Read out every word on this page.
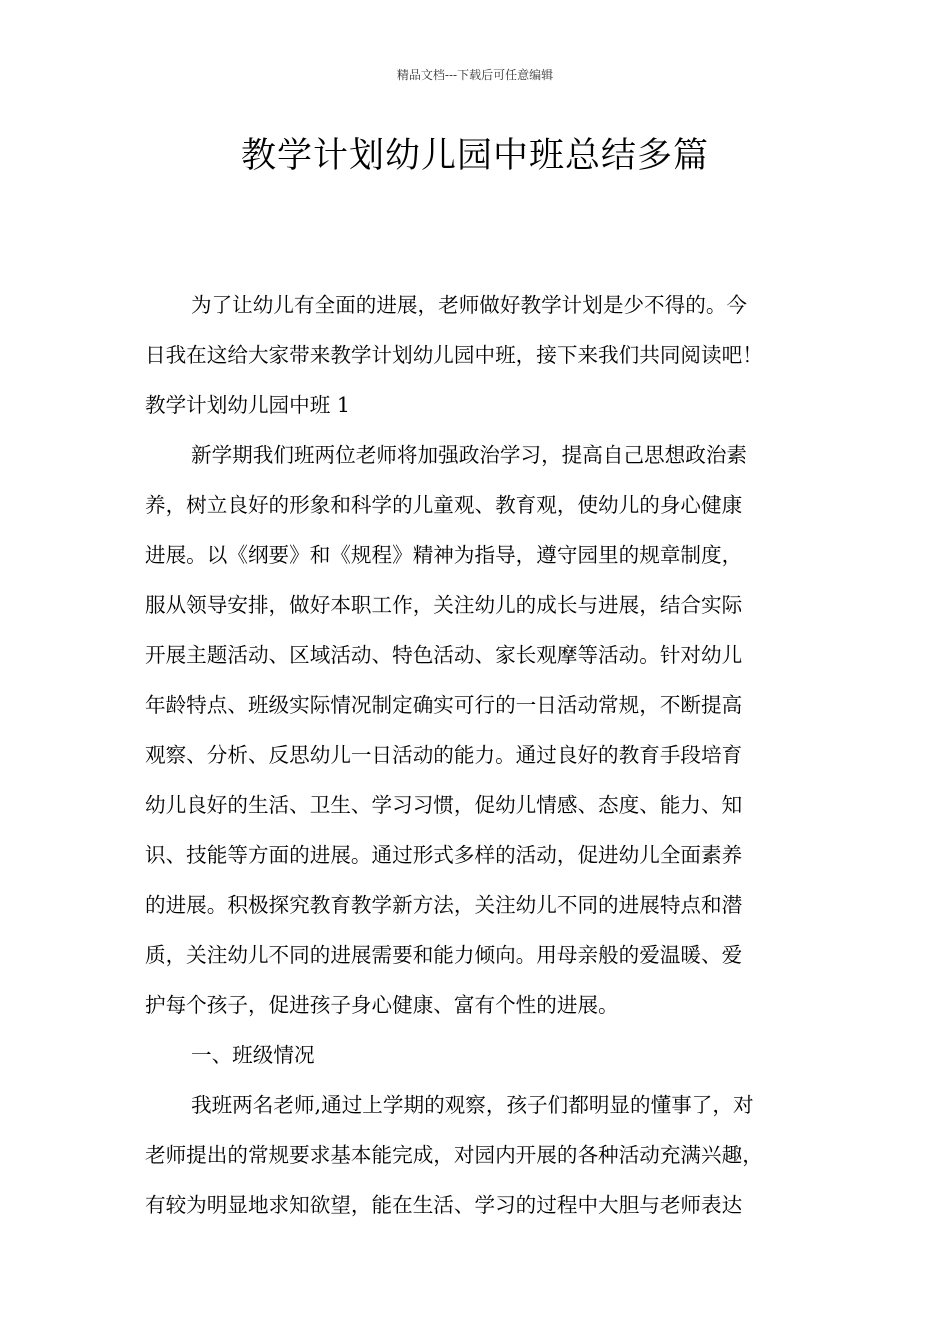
精品文档---下载后可任意编辑
教学计划幼儿园中班总结多篇
为了让幼儿有全面的进展，老师做好教学计划是少不得的。今
日我在这给大家带来教学计划幼儿园中班，接下来我们共同阅读吧！
教学计划幼儿园中班 1
新学期我们班两位老师将加强政治学习，提高自己思想政治素
养，树立良好的形象和科学的儿童观、教育观，使幼儿的身心健康
进展。以《纲要》和《规程》精神为指导，遵守园里的规章制度，
服从领导安排，做好本职工作，关注幼儿的成长与进展，结合实际
开展主题活动、区域活动、特色活动、家长观摩等活动。针对幼儿
年龄特点、班级实际情况制定确实可行的一日活动常规，不断提高
观察、分析、反思幼儿一日活动的能力。通过良好的教育手段培育
幼儿良好的生活、卫生、学习习惯，促幼儿情感、态度、能力、知
识、技能等方面的进展。通过形式多样的活动，促进幼儿全面素养
的进展。积极探究教育教学新方法，关注幼儿不同的进展特点和潜
质，关注幼儿不同的进展需要和能力倾向。用母亲般的爱温暖、爱
护每个孩子，促进孩子身心健康、富有个性的进展。
一、班级情况
我班两名老师,通过上学期的观察，孩子们都明显的懂事了，对
老师提出的常规要求基本能完成，对园内开展的各种活动充满兴趣，
有较为明显地求知欲望，能在生活、学习的过程中大胆与老师表达
